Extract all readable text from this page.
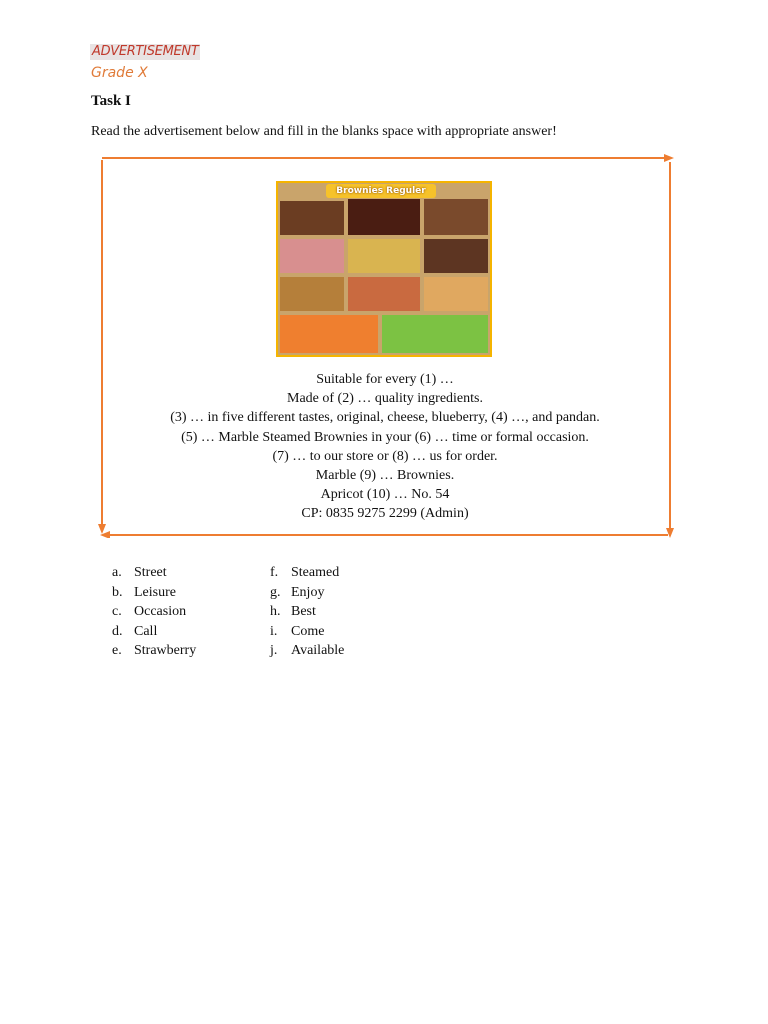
ADVERTISEMENT
Grade X
Task I
Read the advertisement below and fill in the blanks space with appropriate answer!
Brownies Reguler
Suitable for every (1) …
Made of (2) … quality ingredients.
(3) … in five different tastes, original, cheese, blueberry, (4) …, and pandan.
(5) … Marble Steamed Brownies in your (6) … time or formal occasion.
(7) … to our store or (8) … us for order.
Marble (9) … Brownies.
Apricot (10) … No. 54
CP: 0835 9275 2299 (Admin)
a. Street
b. Leisure
c. Occasion
d. Call
e. Strawberry
f. Steamed
g. Enjoy
h. Best
i. Come
j. Available
